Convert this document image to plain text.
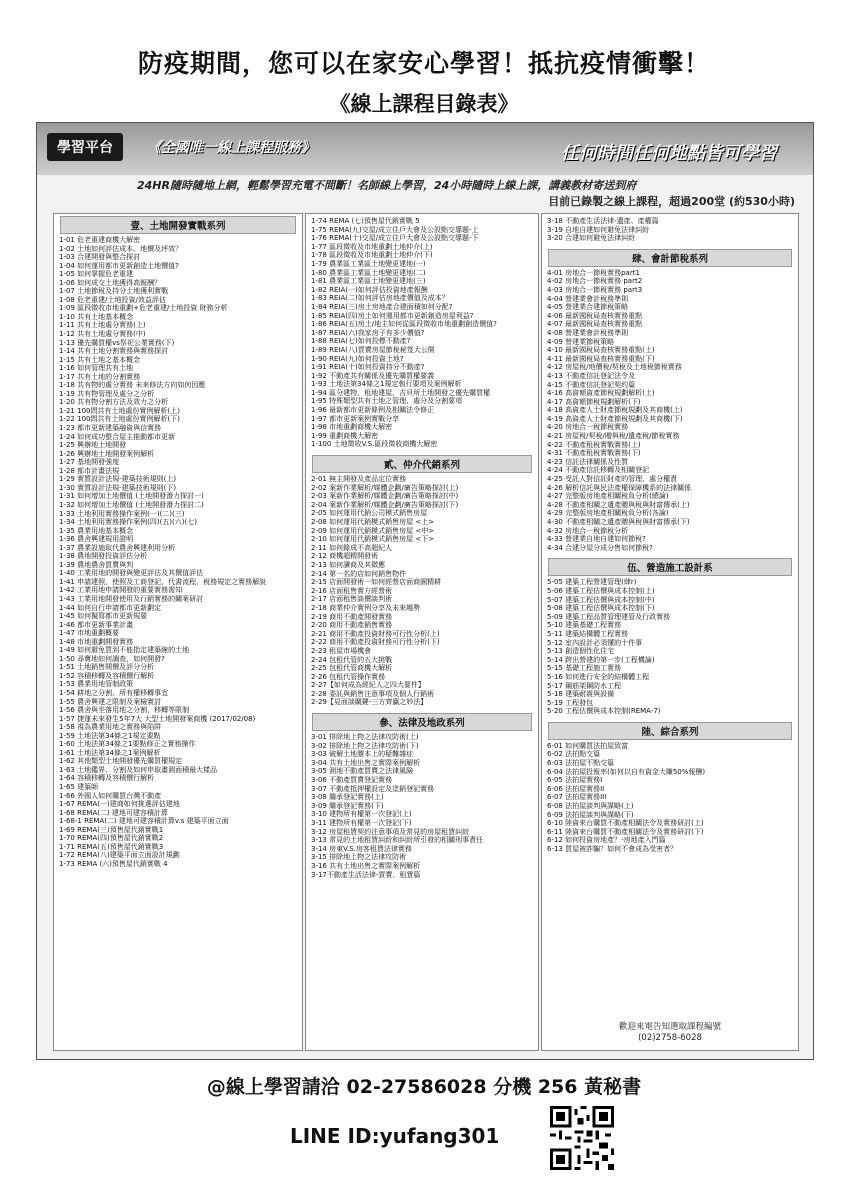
防疫期間，您可以在家安心學習！抵抗疫情衝擊！
《線上課程目錄表》
學習平台	《全國唯一線上課程服務》	任何時間任何地點皆可學習
24HR隨時隨地上網，輕鬆學習充電不間斷！名師線上學習，24小時隨時上線上課，講義教材寄送到府
目前已錄製之線上課程，超過200堂 (約530小時)
壹、土地開發實戰系列
1-01 危老重建商機大解密
1-02 土地如何評估成本、地價及坪效？
1-03 合建開發與整合探討
1-04 如何運用都市更新創造土地價值?
1-05 如何掌握危老重建
1-06 如何成交土地獲得高報酬？
1-07 土地節稅及持分土地獲利實戰
1-08 危老重建/土地投資/效益評估
1-09 區段徵收市地重劃+危老重建/土地投資 財務分析
1-10 共有土地基本概念
1-11 共有土地處分實務(上)
1-12 共有土地處分實務(中)
1-13 優先購買權vs祭祀公業實務(下)
1-14 共有土地分割實務與實務探討
1-15 共有土地之基本概念
1-16 如何管理共有土地
1-17 共有土地的分割實務
1-18 共有物的處分實務 未來修法方向如何因應
1-19 共有物管理及處分之分析
1-20 共有物分割方法及效力之分析
1-21 100問共有土地處份實例解析(上)
1-22 100問共有土地處份實例解析(下)
1-23 都市更新建築融資與信實務
1-24 如何成功整合屋主推動都市更新
1-25 興辦地土地開發
1-26 興辦地土地開發案例解析
1-27 基地開發強度
1-28 都市計畫法規
1-29 實質設計法規-建築技術規則(上)
1-30 實質設計法規-建築技術規則(下)
1-31 如何增加土地價值 (土地開發潛力探討一)
1-32 如何增加土地價值 (土地開發潛力探討二)
1-33 土地利用實務操作案例(一)(二)(三)
1-34 土地利用實務操作案例(四)(五)(六)(七)
1-35 農業用地基本概念
1-36 農舍興建規用證明
1-37 農業設施取代農舍興建利用分析
1-38 農地開發投資評估分析
1-39 農地農舍買賣與判
1-40 工業用地的開發與變更評估及其價值評估
1-41 申請建照，使照及工商登記，代書流程，稅務規定之實務解說
1-42 工業用地申請開發的重要實務需知
1-43 工業用地開發使用及行銷實務的關案研討
1-44 如何自行申請都市更新劃定
1-45 如何擬寫都市更新規要
1-46 都市更新事業計畫
1-47 市地重劃概要
1-48 市地重劃開發實務
1-49 如何避免買到不能指定建築線的土地
1-50 尋寶地如何調查，如何開發?
1-51 土地銷售開價及評分分析
1-52 容積移轉及容積價行解析
1-53 農業用地管制政策
1-54 耕地之分割、所有權移轉事宜
1-55 農舍興建之限制及案檢實討
1-56 農舍與坐落用地之分割，移轉等限制
1-57 捷運未來發生5年7大 大型土地開發案商機 (2017/02/08)
1-58 視為農業用地之實務與陷阱
1-59 土地法第34條之1規定要點
1-60 土地法第34條之1要點修正之實務操作
1-61 土地法第34條之1案例解析
1-62 其他類型土地開發優先購買權規定
1-63 土地鑑界、分割及如何申取畫測面積最大樣品
1-64 容積移轉及容積價行解析
1-65 建築師
1-66 外國人如何購買台灣不動產
1-67 REMA(一)建商如何挑選評估建地
1-68 REMA(二) 建地可建容積計算
1-68-1 REMA(二) 建地可建容積計算v.s 建築平面立面
1-69 REMA(三)預售屋代銷實戰1
1-70 REMA(四)預售屋代銷實戰2
1-71 REMA(五)預售屋代銷實戰3
1-72 REMA(八)建築平面立面設計規劃
1-73 REMA (六)預售屋代銷實戰 4
1-74 REMA (七)預售屋代銷實戰 5
1-75 REMA(九)交屋/成立住戶大會及公設點交導題-上
1-76 REMA(十)交屋/成立住戶大會及公設點交導題-下
1-77 區段徵收及市地重劃土地仲介(上)
1-78 區段徵收及市地重劃土地仲介(下)
1-79 農業區工業區土地變更建地(一)
1-80 農業區工業區土地變更建地(二)
1-81 農業區工業區土地變更建地(三)
1-82 REIA(一)如何評估投資地產報酬
1-83 REIA(二)如何評估房地產價值及成本？
1-84 REIA(三)房土房地產合建面積如何分配?
1-85 REIA(四)房土如何運用都市更新創造房屋利益?
1-86 REIA(五)房土/地主如何從區段徵收市地重劃創造價值?
1-87 REIA(六)我家房子有多少價值?
1-88 REIA(七)如何投標不動產?
1-89 REIA(八)買賣房屋節稅秘笈大公開
1-90 REIA(九)如何投資土地?
1-91 REIA(十)如何投資持分不動產?
1-92 不動產共有關係及優先購買權要義
1-93 土地法第34條之1規定執行要項及案例解析
1-94 區分建物、租地建屋、吉貝所土地開發之優先購買權
1-95 特殊類型共有土地之管理、處分及分割要項
1-96 最新都市更新條例及相關法令修正
1-97 都市更新案例實戰分享
1-98 市地重劃商機大解密
1-99 重劃商機大解密
1-100 土地徵收V.S.區段徵收商機大解密
貳、仲介代銷系列
2-01 無主開發及產品定位實務
2-02 案新作業解析/媒體企劃/廣告策略探討(上)
2-03 案新作業解析/媒體企劃/廣告策略探討(中)
2-04 案新作業解析/媒體企劃/廣告策略探討(下)
2-05 如何運用代銷公司模式銷售房屋
2-08 如何運用代銷模式銷售房屋 <上>
2-09 如何運用代銷模式銷售房屋 <中>
2-10 如何運用代銷模式銷售房屋 <下>
2-11 如何錄成不高超紀人
2-12 商機超精開發術
2-13 如何讀商及其微應
2-14 第一名的店如何銷售物件
2-15 店面開發術一如何經營店面商圈精耕
2-16 店面租售實方經營術
2-17 店面租售談價談判術
2-18 商業仲介實例分享及未來趨勢
2-19 商用不動產開發實務
2-20 商用不動產銷售實務
2-21 商用不動產投資財務可行性分析(上)
2-22 商用不動產投資財務可行性分析(下)
2-23 租屋市場機會
2-24 包租代管的五大挑戰
2-25 包租代管商機大解析
2-26 包租代管操作實務
2-27【如何成為經紀人之四大要件】
2-28 委託與銷售注意事項及個人行銷術
2-29【見面談關鍵-三方齊贏之妙法】
參、法律及地政系列
3-01 排除地上物之法律攻防術(上)
3-02 排除地上物之法律攻防術(下)
3-03 破解土地謄本上的疑難雜症
3-04 共有土地出售之實際案例解析
3-05 測地不動產買賣之法律風險
3-06 不動產買賣登記實務
3-07 不動產抵押權設定及塗銷登記實務
3-08 繼承登記實務(上)
3-09 繼承登記實務(下)
3-10 建物所有權第一次登記(上)
3-11 建物所有權第一次登記(下)
3-12 房屋租賃契約注意事項及常見的房屋租賃糾紛
3-13 常見的土地租賃糾紛和糾紛所引發的相關刑事責任
3-14 房東V.S.房客租賃法律實務
3-15 排除地上物之法律攻防術
3-16 共有土地出售之實際案例解析
3-17不動產生活法律-買賣、租賃篇
3-18 不動產生活法律-遺產、產權篇
3-19 自地自建如何避免法律糾紛
3-20 合建如何避免法律糾紛
肆、會計節稅系列
4-01 房地合一節稅實務part1
4-02 房地合一節稅實務 part2
4-03 房地合一節稅實務 part3
4-04 營建業會計稅務準則
4-05 營建業合建節稅策略
4-06 最新國稅局查核實務重點
4-07 最新國稅局查核實務重點
4-08 營建業會計稅務準則
4-09 營建業節稅策略
4-10 最新國稅局查核實務重點(上)
4-11 最新國稅局查核實務重點(下)
4-12 房屋稅/地價稅/契稅及土地稅節稅實務
4-13 不動產信託登記法令及
4-15 不動產信託登記契約篇
4-16 高資額資產節稅規劃解析(上)
4-17 高資額節稅規劃解析(下)
4-18 高資產人士財產節稅規劃及其商機(上)
4-19 高資產人士財產節稅規劃及其商機(下)
4-20 房地合一稅節稅實務
4-21 房屋稅/契稅/贈與稅/遺產稅/節稅實務
4-22 不動產租稅實戰實務(上)
4-31 不動產租稅實戰實務(下)
4-23 信託法律關係及性質
4-24 不動產信託移轉及相關登記
4-25 受託人對信託財產的管理、處分權責
4-26 解析信託與民法產權保障機系的法律關係
4-27 完整版房地產相關稅負分析(總論)
4-28 不動產相關之遺產贈與稅與財富傳承(上)
4-29 完整版房地產相關稅負分析(各論)
4-30 不動產相關之遺產贈與稅與財富傳承(下)
4-32 房地合一稅節稅分析
4-33 營建業自地自建如何節稅?
4-34 合建分屋分成分售如何節稅?
伍、營造施工設計系
5-05 建築工程營建管理(肆r)
5-06 建築工程估價與成本控制(上)
5-07 建築工程估價與成本控制(中)
5-08 建築工程估價與成本控制(下)
5-09 建築工程品質管理建管及行政實務
5-10 建築基礎工程實務
5-11 建築結構體工程實務
5-12 室內設計必須懂的十件事
5-13 創造個性化住宅
5-14 跨出營建的第一步(工程機論)
5-15 基礎工程施工實務
5-16 如何進行安全的結構體工程
5-17 鋼筋架鋼防水工程
5-18 建築耐震與設備
5-19 工程發包
5-20 工程估價與成本控制(REMA-7)
陸、綜合系列
6-01 如何購買法拍屋致富
6-02 法拍點交篇
6-03 法拍屋不點交篇
6-04 法拍屋投報率(如何以自有資金大賺50%報酬)
6-05 法拍屋實務I
6-06 法拍屋實務II
6-07 法拍屋實務III
6-08 法拍屋談判與謀略(上)
6-09 法拍屋談判與謀略(下)
6-10 陸資來台購買不動產相關法令及實務研討(上)
6-11 陸資來台購買不動產相關法令及實務研討(下)
6-12 如何投資房地產？-房地產入門篇
6-13 買屋被詐騙？如何不會成為受害者？
歡迎來電告知選取課程編號
(02)2758-6028
@線上學習請洽 02-27586028 分機 256 黃秘書
LINE ID:yufang301
